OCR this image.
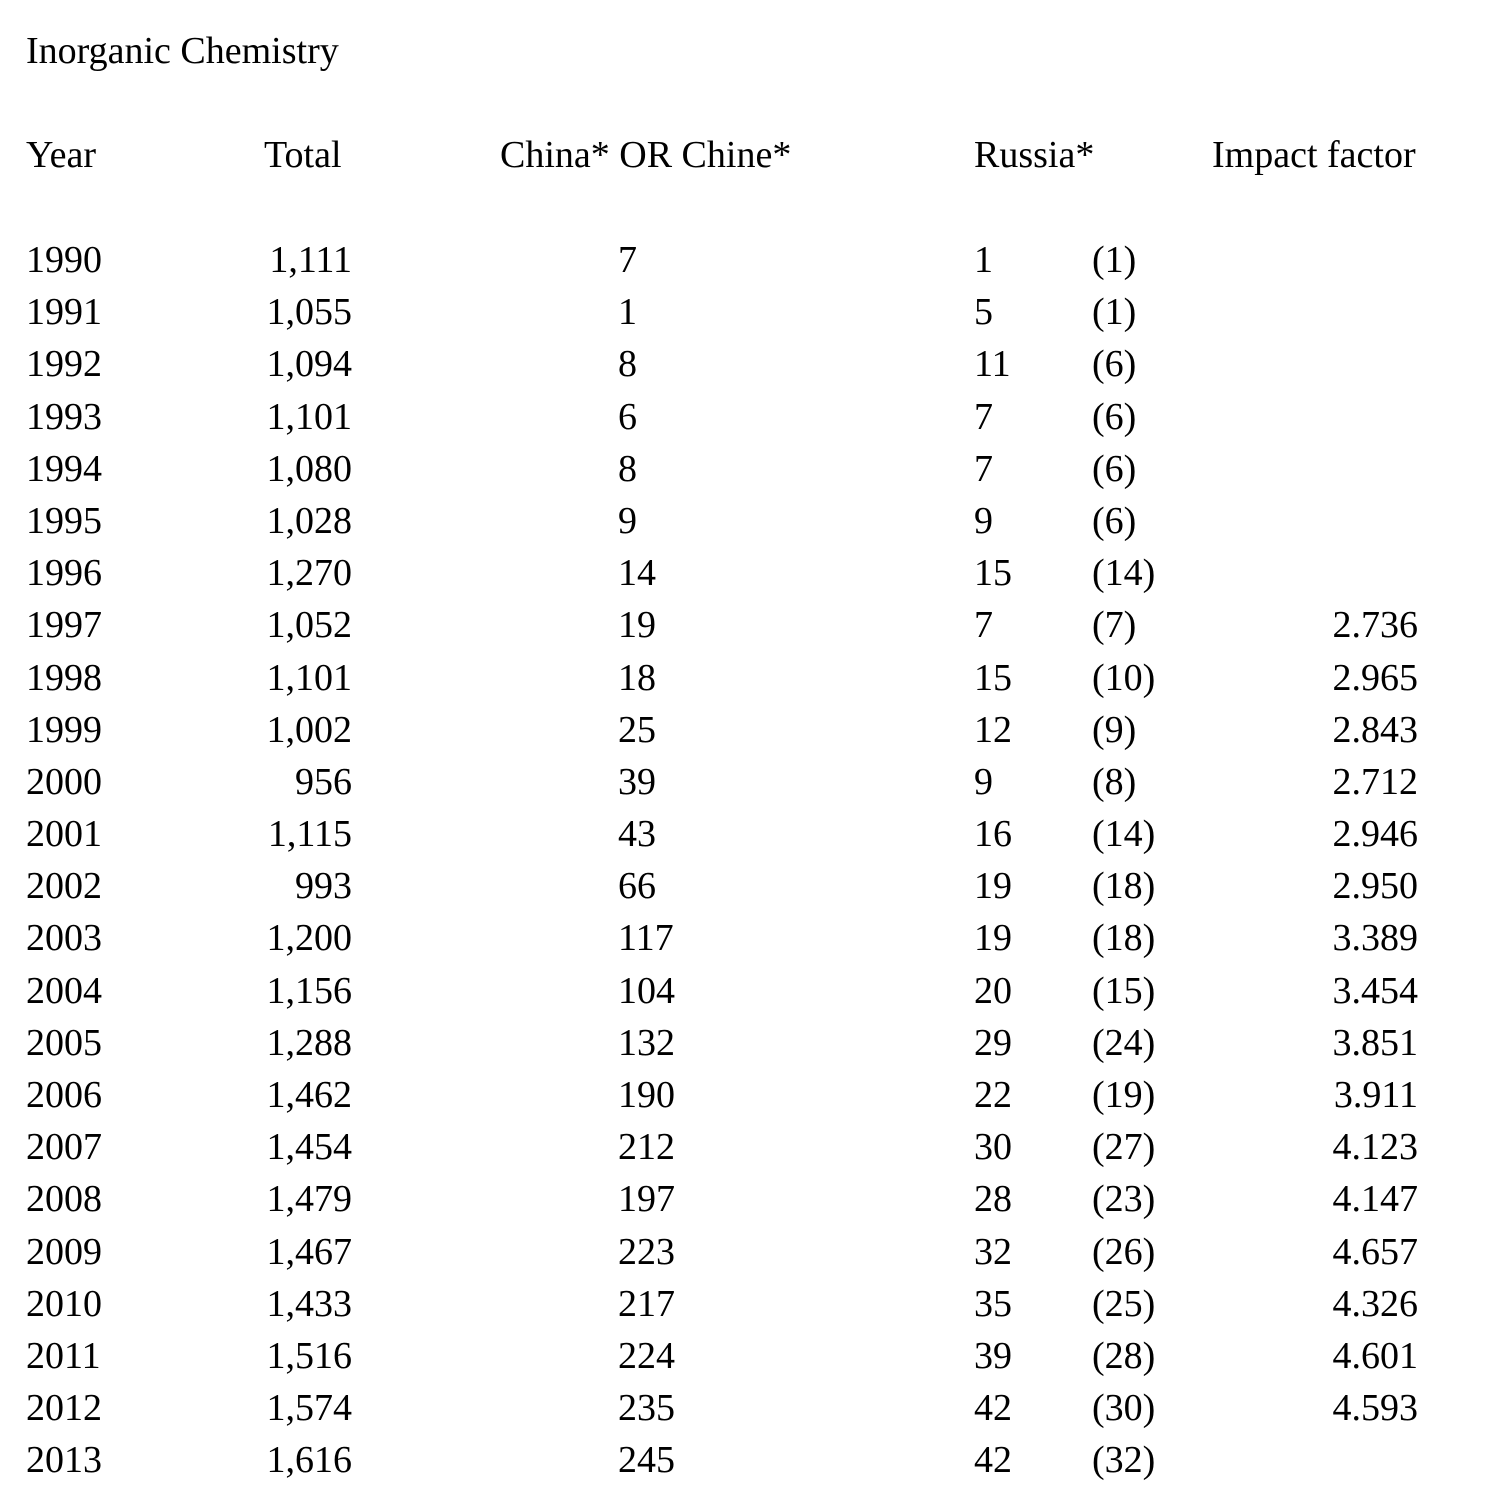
Inorganic Chemistry
Year	Total	China* OR Chine*	Russia*	Impact factor
1990	1,111	7	1	(1)
1991	1,055	1	5	(1)
1992	1,094	8	11 (6)
1993	1,101	6	7	(6)
1994	1,080	8	7	(6)
1995	1,028	9	9	(6)
1996	1,270	14	15 (14)
1997	1,052	19	7	(7)	2.736
1998	1,101	18	15 (10)	2.965
1999	1,002	25	12 (9)	2.843
2000	956	39	9	(8)	2.712
2001	1,115	43	16 (14)	2.946
2002	993	66	19 (18)	2.950
2003	1,200	117	19 (18)	3.389
2004	1,156	104	20 (15)	3.454
2005	1,288	132	29 (24)	3.851
2006	1,462	190	22 (19)	3.911
2007	1,454	212	30 (27)	4.123
2008	1,479	197	28 (23)	4.147
2009	1,467	223	32 (26)	4.657
2010	1,433	217	35 (25)	4.326
2011	1,516	224	39 (28)	4.601
2012	1,574	235	42 (30)	4.593
2013	1,616	245	42 (32)
